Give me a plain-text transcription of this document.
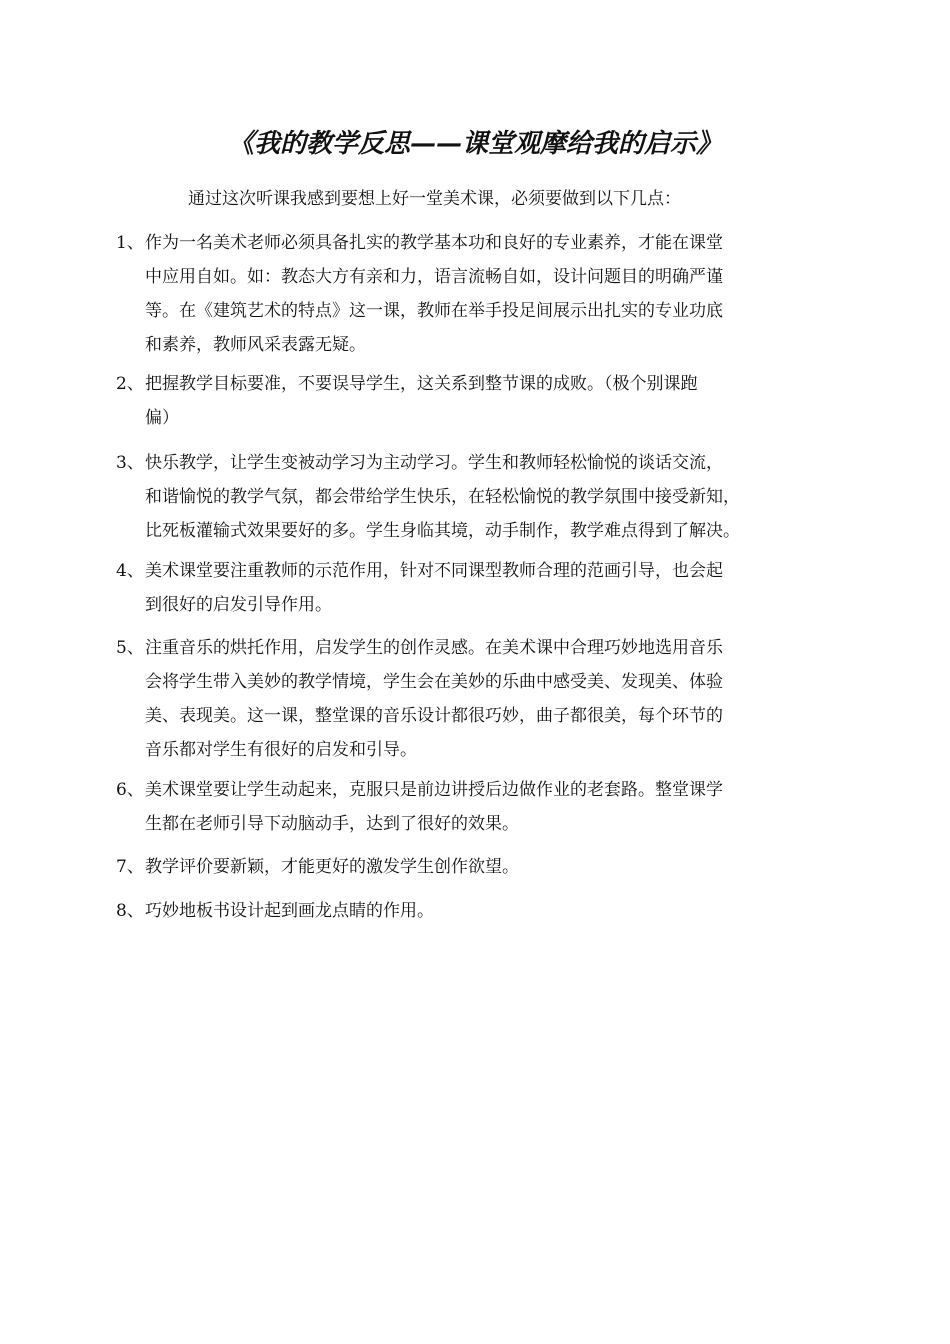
《我的教学反思——课堂观摩给我的启示》
通过这次听课我感到要想上好一堂美术课，必须要做到以下几点：
1、 作为一名美术老师必须具备扎实的教学基本功和良好的专业素养，才能在课堂
中应用自如。如：教态大方有亲和力，语言流畅自如，设计问题目的明确严谨
等。在《建筑艺术的特点》这一课，教师在举手投足间展示出扎实的专业功底
和素养，教师风采表露无疑。
2、 把握教学目标要准，不要误导学生，这关系到整节课的成败。（极个别课跑
偏）
3、 快乐教学，让学生变被动学习为主动学习。学生和教师轻松愉悦的谈话交流，
和谐愉悦的教学气氛，都会带给学生快乐，在轻松愉悦的教学氛围中接受新知，
比死板灌输式效果要好的多。学生身临其境，动手制作，教学难点得到了解决。
4、 美术课堂要注重教师的示范作用，针对不同课型教师合理的范画引导，也会起
到很好的启发引导作用。
5、 注重音乐的烘托作用，启发学生的创作灵感。在美术课中合理巧妙地选用音乐
会将学生带入美妙的教学情境，学生会在美妙的乐曲中感受美、发现美、体验
美、表现美。这一课，整堂课的音乐设计都很巧妙，曲子都很美，每个环节的
音乐都对学生有很好的启发和引导。
6、 美术课堂要让学生动起来，克服只是前边讲授后边做作业的老套路。整堂课学
生都在老师引导下动脑动手，达到了很好的效果。
7、 教学评价要新颖，才能更好的激发学生创作欲望。
8、 巧妙地板书设计起到画龙点睛的作用。
